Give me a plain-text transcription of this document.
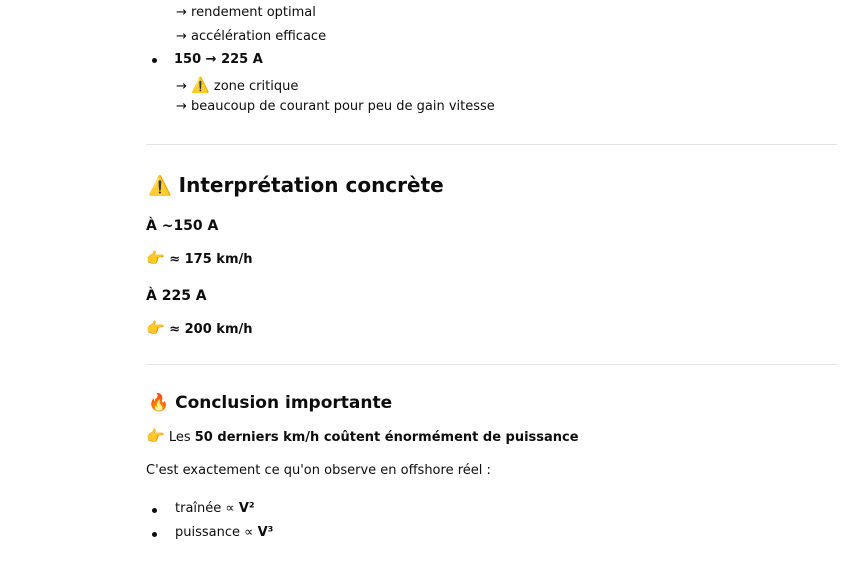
→ rendement optimal
→ accélération efficace
150 → 225 A
→ ⚠️ zone critique
→ beaucoup de courant pour peu de gain vitesse
⚠️ Interprétation concrète
À ~150 A
👉 ≈ 175 km/h
À 225 A
👉 ≈ 200 km/h
🔥 Conclusion importante
👉 Les 50 derniers km/h coûtent énormément de puissance
C'est exactement ce qu'on observe en offshore réel :
traînée ∝ V²
puissance ∝ V³
